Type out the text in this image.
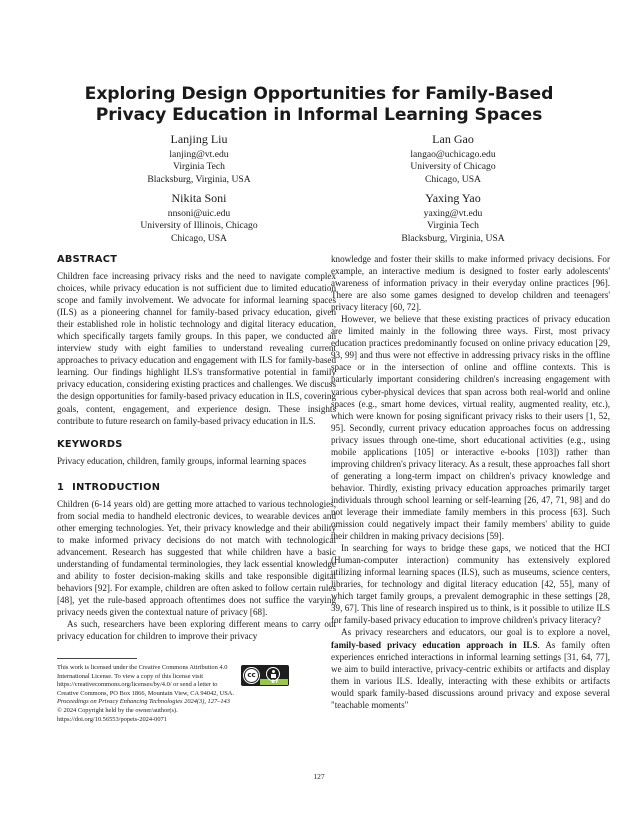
Exploring Design Opportunities for Family-Based Privacy Education in Informal Learning Spaces
Lanjing Liu
lanjing@vt.edu
Virginia Tech
Blacksburg, Virginia, USA
Lan Gao
langao@uchicago.edu
University of Chicago
Chicago, USA
Nikita Soni
nnsoni@uic.edu
University of Illinois, Chicago
Chicago, USA
Yaxing Yao
yaxing@vt.edu
Virginia Tech
Blacksburg, Virginia, USA
ABSTRACT

Children face increasing privacy risks and the need to navigate complex choices, while privacy education is not sufficient due to limited education scope and family involvement. We advocate for informal learning spaces (ILS) as a pioneering channel for family-based privacy education, given their established role in holistic technology and digital literacy education, which specifically targets family groups. In this paper, we conducted an interview study with eight families to understand revealing current approaches to privacy education and engagement with ILS for family-based learning. Our findings highlight ILS's transformative potential in family privacy education, considering existing practices and challenges. We discuss the design opportunities for family-based privacy education in ILS, covering goals, content, engagement, and experience design. These insights contribute to future research on family-based privacy education in ILS.

KEYWORDS

Privacy education, children, family groups, informal learning spaces

1 INTRODUCTION

Children (6-14 years old) are getting more attached to various technologies, from social media to handheld electronic devices, to wearable devices and other emerging technologies. Yet, their privacy knowledge and their ability to make informed privacy decisions do not match with technological advancement. Research has suggested that while children have a basic understanding of fundamental terminologies, they lack essential knowledge and ability to foster decision-making skills and take responsible digital behaviors [92]. For example, children are often asked to follow certain rules [48], yet the rule-based approach oftentimes does not suffice the varying privacy needs given the contextual nature of privacy [68].

As such, researchers have been exploring different means to carry out privacy education for children to improve their privacy

knowledge and foster their skills to make informed privacy decisions. For example, an interactive medium is designed to foster early adolescents' awareness of information privacy in their everyday online practices [96]. There are also some games designed to develop children and teenagers' privacy literacy [60, 72].

However, we believe that these existing practices of privacy education are limited mainly in the following three ways. First, most privacy education practices predominantly focused on online privacy education [29, 93, 99] and thus were not effective in addressing privacy risks in the offline space or in the intersection of online and offline contexts. This is particularly important considering children's increasing engagement with various cyber-physical devices that span across both real-world and online spaces (e.g., smart home devices, virtual reality, augmented reality, etc.), which were known for posing significant privacy risks to their users [1, 52, 95]. Secondly, current privacy education approaches focus on addressing privacy issues through one-time, short educational activities (e.g., using mobile applications [105] or interactive e-books [103]) rather than improving children's privacy literacy. As a result, these approaches fall short of generating a long-term impact on children's privacy knowledge and behavior. Thirdly, existing privacy education approaches primarily target individuals through school learning or self-learning [26, 47, 71, 98] and do not leverage their immediate family members in this process [63]. Such omission could negatively impact their family members' ability to guide their children in making privacy decisions [59].

In searching for ways to bridge these gaps, we noticed that the HCI (Human-computer interaction) community has extensively explored utilizing informal learning spaces (ILS), such as museums, science centers, libraries, for technology and digital literacy education [42, 55], many of which target family groups, a prevalent demographic in these settings [28, 39, 67]. This line of research inspired us to think, is it possible to utilize ILS for family-based privacy education to improve children's privacy literacy?

As privacy researchers and educators, our goal is to explore a novel, family-based privacy education approach in ILS. As family often experiences enriched interactions in informal learning settings [31, 64, 77], we aim to build interactive, privacy-centric exhibits or artifacts and display them in various ILS. Ideally, interacting with these exhibits or artifacts would spark family-based discussions around privacy and expose several "teachable moments"

This work is licensed under the Creative Commons Attribution 4.0 International License. To view a copy of this license visit https://creativecommons.org/licenses/by/4.0/ or send a letter to Creative Commons, PO Box 1866, Mountain View, CA 94042, USA.
Proceedings on Privacy Enhancing Technologies 2024(3), 127–143
© 2024 Copyright held by the owner/author(s).
https://doi.org/10.56553/popets-2024-0071
cc
BY
127
